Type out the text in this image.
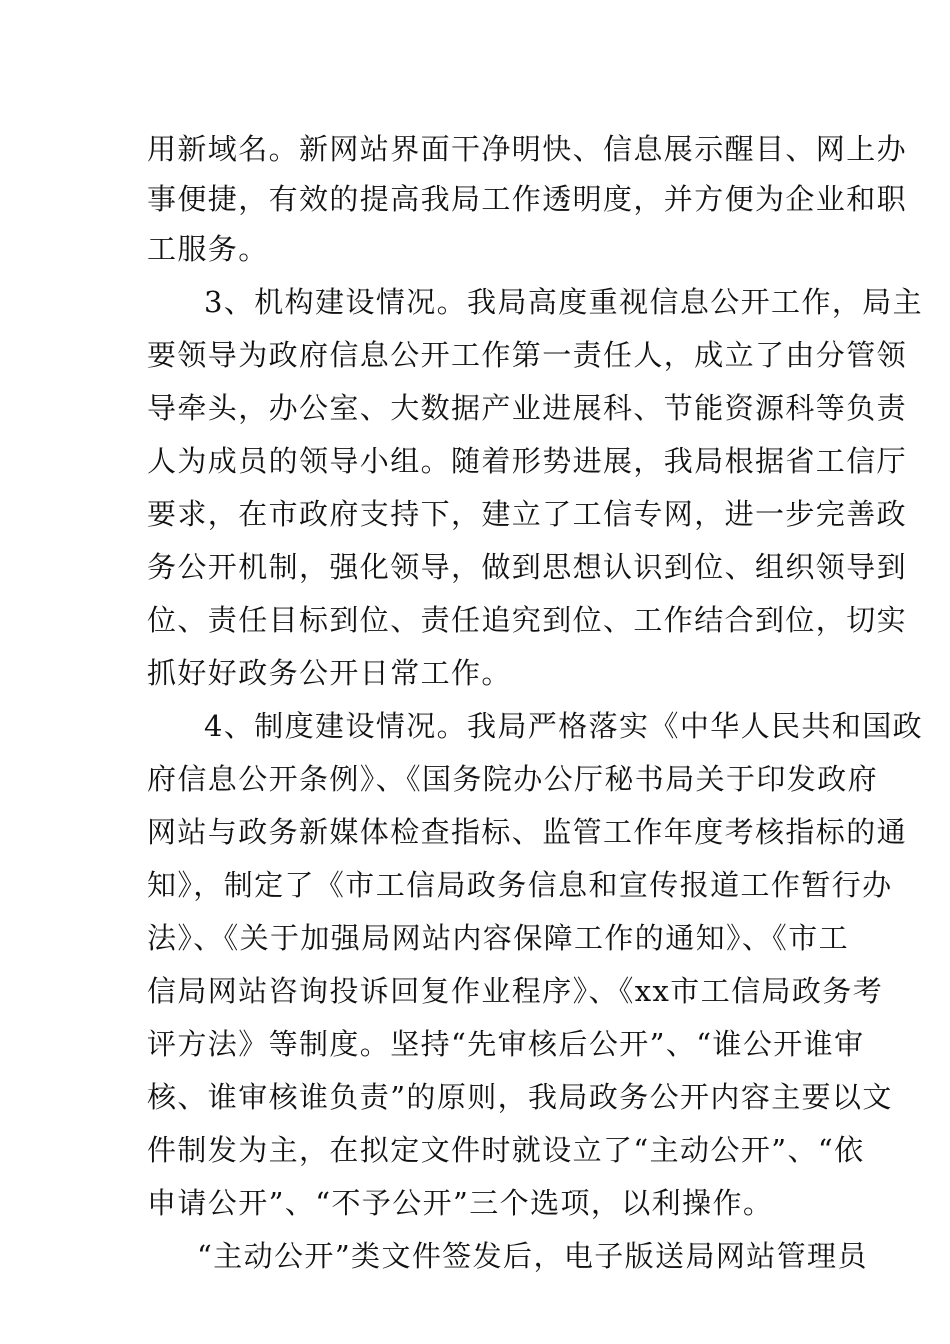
用新域名。新网站界面干净明快、信息展示醒目、网上办
事便捷，有效的提高我局工作透明度，并方便为企业和职
工服务。
3、机构建设情况。我局高度重视信息公开工作，局主
要领导为政府信息公开工作第一责任人，成立了由分管领
导牵头，办公室、大数据产业进展科、节能资源科等负责
人为成员的领导小组。随着形势进展，我局根据省工信厅
要求，在市政府支持下，建立了工信专网，进一步完善政
务公开机制，强化领导，做到思想认识到位、组织领导到
位、责任目标到位、责任追究到位、工作结合到位，切实
抓好好政务公开日常工作。
4、制度建设情况。我局严格落实《中华人民共和国政
府信息公开条例》、《国务院办公厅秘书局关于印发政府
网站与政务新媒体检查指标、监管工作年度考核指标的通
知》，制定了《市工信局政务信息和宣传报道工作暂行办
法》、《关于加强局网站内容保障工作的通知》、《市工
信局网站咨询投诉回复作业程序》、《xx市工信局政务考
评方法》等制度。坚持“先审核后公开”、“谁公开谁审
核、谁审核谁负责”的原则，我局政务公开内容主要以文
件制发为主，在拟定文件时就设立了“主动公开”、“依
申请公开”、“不予公开”三个选项，以利操作。
“主动公开”类文件签发后，电子版送局网站管理员
